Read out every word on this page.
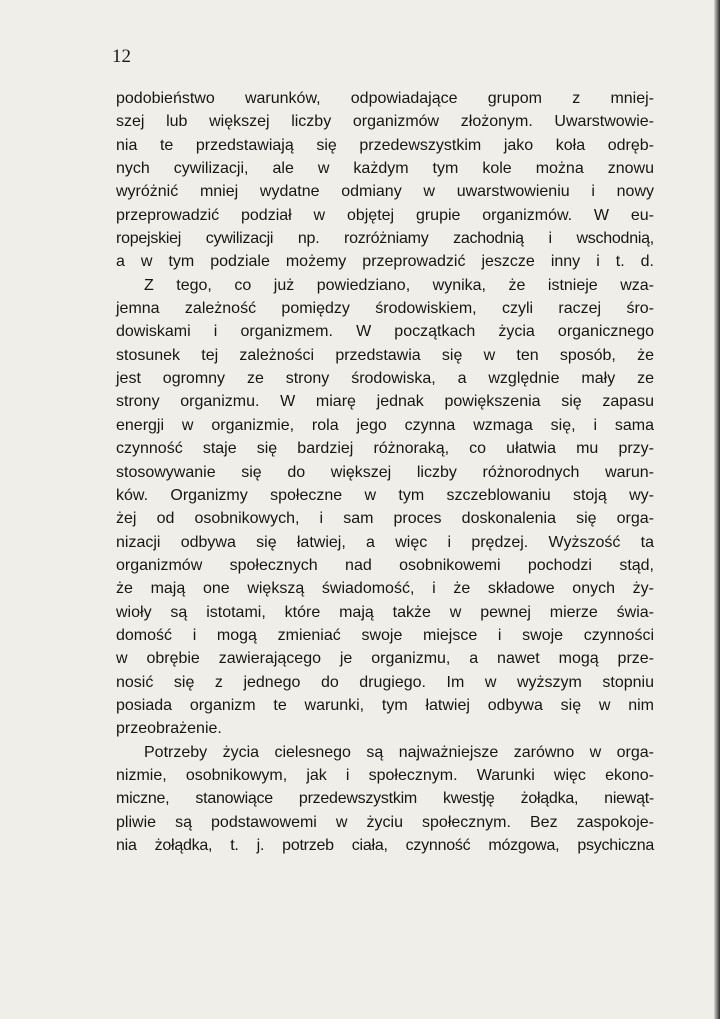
12
podobieństwo warunków, odpowiadające grupom z mniej-
szej lub większej liczby organizmów złożonym. Uwarstwowie-
nia te przedstawiają się przedewszystkim jako koła odręb-
nych cywilizacji, ale w każdym tym kole można znowu
wyróżnić mniej wydatne odmiany w uwarstwowieniu i nowy
przeprowadzić podział w objętej grupie organizmów. W eu-
ropejskiej cywilizacji np. rozróżniamy zachodnią i wschodnią,
a w tym podziale możemy przeprowadzić jeszcze inny i t. d.
Z tego, co już powiedziano, wynika, że istnieje wza-
jemna zależność pomiędzy środowiskiem, czyli raczej śro-
dowiskami i organizmem. W początkach życia organicznego
stosunek tej zależności przedstawia się w ten sposób, że
jest ogromny ze strony środowiska, a względnie mały ze
strony organizmu. W miarę jednak powiększenia się zapasu
energji w organizmie, rola jego czynna wzmaga się, i sama
czynność staje się bardziej różnoraką, co ułatwia mu przy-
stosowywanie się do większej liczby różnorodnych warun-
ków. Organizmy społeczne w tym szczeblowaniu stoją wy-
żej od osobnikowych, i sam proces doskonalenia się orga-
nizacji odbywa się łatwiej, a więc i prędzej. Wyższość ta
organizmów społecznych nad osobnikowemi pochodzi stąd,
że mają one większą świadomość, i że składowe onych ży-
wioły są istotami, które mają także w pewnej mierze świa-
domość i mogą zmieniać swoje miejsce i swoje czynności
w obrębie zawierającego je organizmu, a nawet mogą prze-
nosić się z jednego do drugiego. Im w wyższym stopniu
posiada organizm te warunki, tym łatwiej odbywa się w nim
przeobrażenie.
Potrzeby życia cielesnego są najważniejsze zarówno w orga-
nizmie, osobnikowym, jak i społecznym. Warunki więc ekono-
miczne, stanowiące przedewszystkim kwestję żołądka, niewąt-
pliwie są podstawowemi w życiu społecznym. Bez zaspokoje-
nia żołądka, t. j. potrzeb ciała, czynność mózgowa, psychiczna
